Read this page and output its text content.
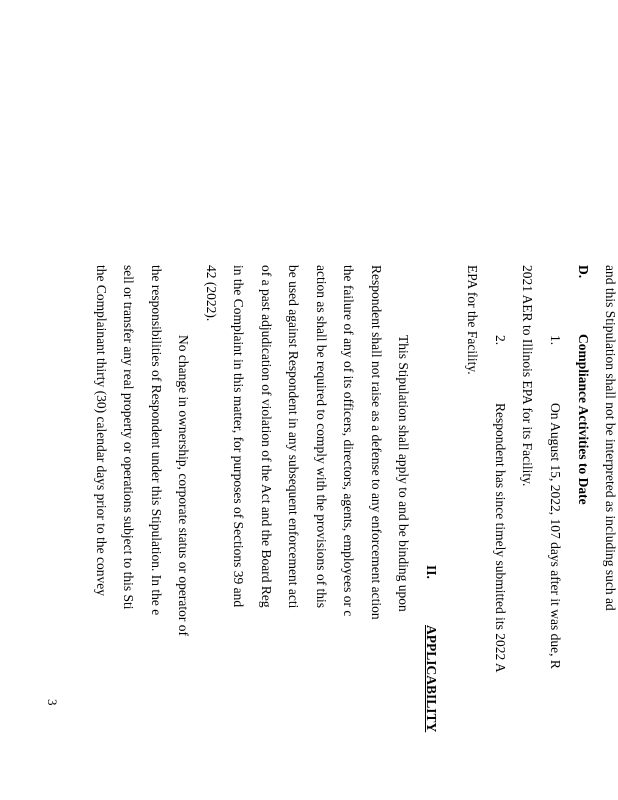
and this Stipulation shall not be interpreted as including such ad
D.
Compliance Activities to Date
1.
On August 15, 2022, 107 days after it was due, R
2021 AER to Illinois EPA for its Facility.
2.
Respondent has since timely submitted its 2022 A
EPA for the Facility.
II.
APPLICABILITY
This Stipulation shall apply to and be binding upon
Respondent shall not raise as a defense to any enforcement action
the failure of any of its officers, directors, agents, employees or c
action as shall be required to comply with the provisions of this
be used against Respondent in any subsequent enforcement acti
of a past adjudication of violation of the Act and the Board Reg
in the Complaint in this matter, for purposes of Sections 39 and
42 (2022).
No change in ownership, corporate status or operator of
the responsibilities of Respondent under this Stipulation. In the e
sell or transfer any real property or operations subject to this Sti
the Complainant thirty (30) calendar days prior to the convey
3
